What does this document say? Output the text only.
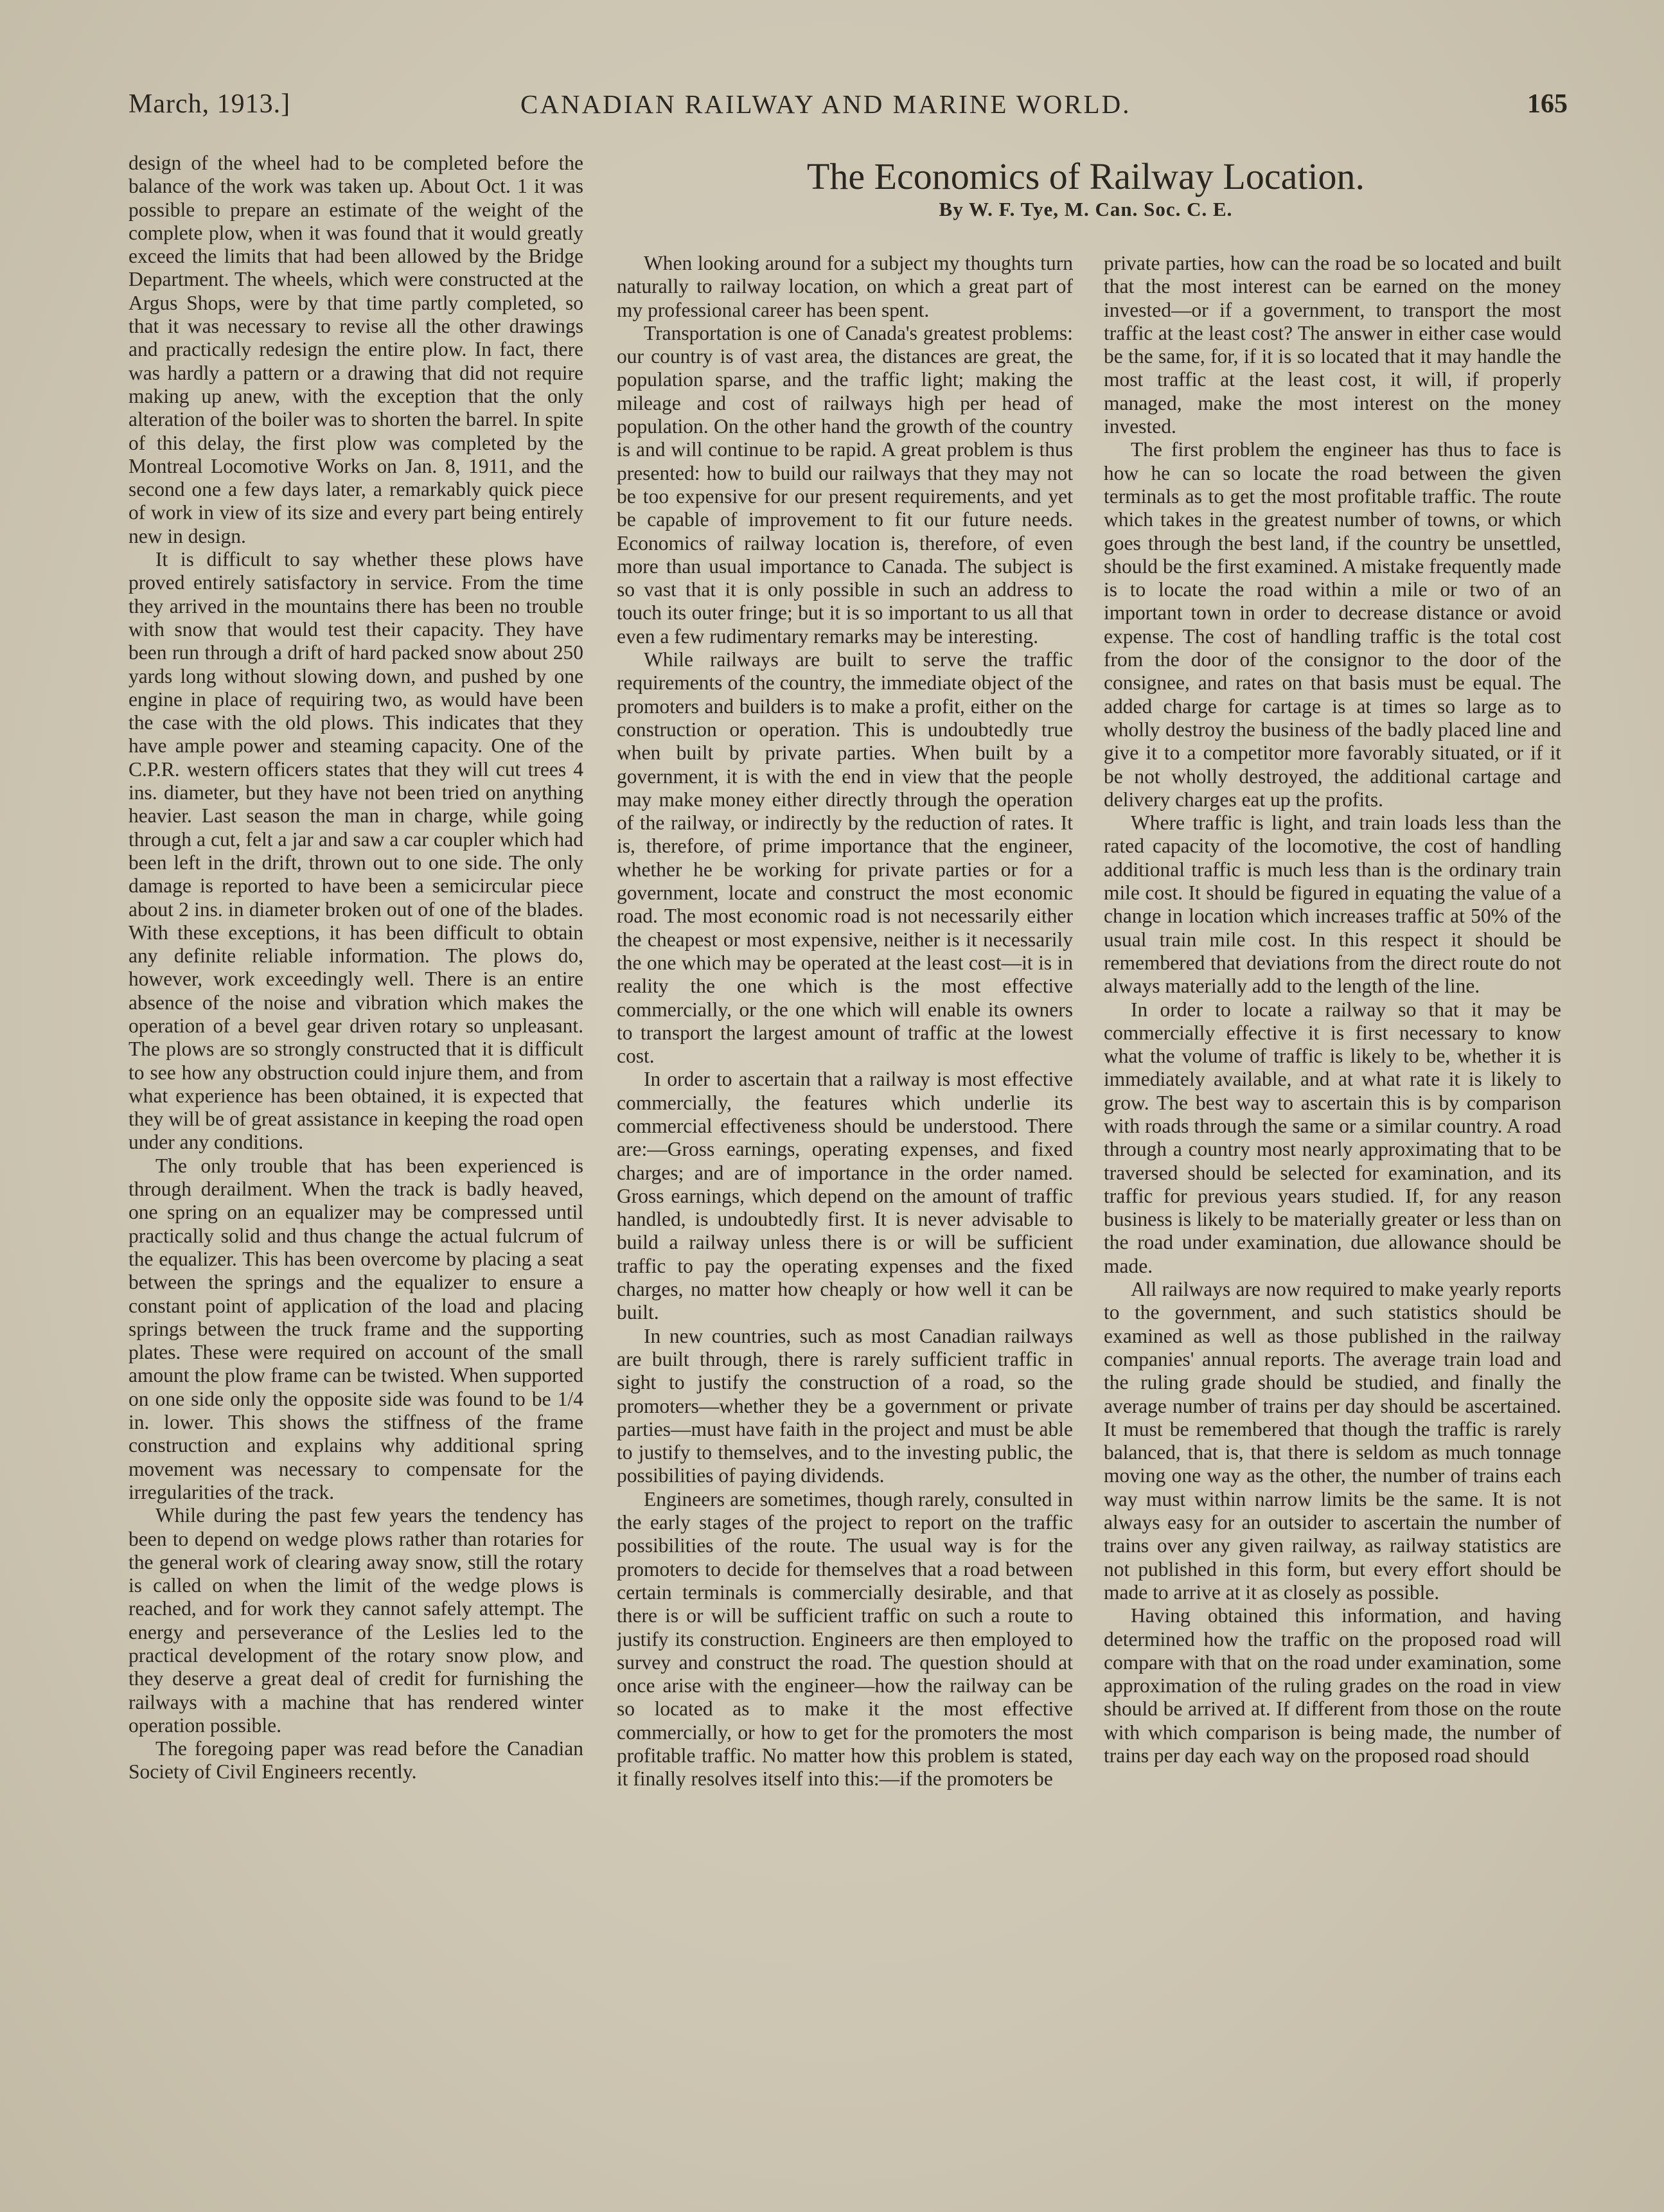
March, 1913.]	CANADIAN RAILWAY AND MARINE WORLD.	165
The Economics of Railway Location.
By W. F. Tye, M. Can. Soc. C. E.

design of the wheel had to be completed before the balance of the work was taken up. About Oct. 1 it was possible to prepare an estimate of the weight of the complete plow, when it was found that it would greatly exceed the limits that had been allowed by the Bridge Department. The wheels, which were constructed at the Argus Shops, were by that time partly completed, so that it was necessary to revise all the other drawings and practically redesign the entire plow. In fact, there was hardly a pattern or a drawing that did not require making up anew, with the exception that the only alteration of the boiler was to shorten the barrel. In spite of this delay, the first plow was completed by the Montreal Locomotive Works on Jan. 8, 1911, and the second one a few days later, a remarkably quick piece of work in view of its size and every part being entirely new in design.

It is difficult to say whether these plows have proved entirely satisfactory in service. From the time they arrived in the mountains there has been no trouble with snow that would test their capacity. They have been run through a drift of hard packed snow about 250 yards long without slowing down, and pushed by one engine in place of requiring two, as would have been the case with the old plows. This indicates that they have ample power and steaming capacity. One of the C.P.R. western officers states that they will cut trees 4 ins. diameter, but they have not been tried on anything heavier. Last season the man in charge, while going through a cut, felt a jar and saw a car coupler which had been left in the drift, thrown out to one side. The only damage is reported to have been a semicircular piece about 2 ins. in diameter broken out of one of the blades. With these exceptions, it has been difficult to obtain any definite reliable information. The plows do, however, work exceedingly well. There is an entire absence of the noise and vibration which makes the operation of a bevel gear driven rotary so unpleasant. The plows are so strongly constructed that it is difficult to see how any obstruction could injure them, and from what experience has been obtained, it is expected that they will be of great assistance in keeping the road open under any conditions.

The only trouble that has been experienced is through derailment. When the track is badly heaved, one spring on an equalizer may be compressed until practically solid and thus change the actual fulcrum of the equalizer. This has been overcome by placing a seat between the springs and the equalizer to ensure a constant point of application of the load and placing springs between the truck frame and the supporting plates. These were required on account of the small amount the plow frame can be twisted. When supported on one side only the opposite side was found to be 1/4 in. lower. This shows the stiffness of the frame construction and explains why additional spring movement was necessary to compensate for the irregularities of the track.

While during the past few years the tendency has been to depend on wedge plows rather than rotaries for the general work of clearing away snow, still the rotary is called on when the limit of the wedge plows is reached, and for work they cannot safely attempt. The energy and perseverance of the Leslies led to the practical development of the rotary snow plow, and they deserve a great deal of credit for furnishing the railways with a machine that has rendered winter operation possible.

The foregoing paper was read before the Canadian Society of Civil Engineers recently.

When looking around for a subject my thoughts turn naturally to railway location, on which a great part of my professional career has been spent.

Transportation is one of Canada's greatest problems: our country is of vast area, the distances are great, the population sparse, and the traffic light; making the mileage and cost of railways high per head of population. On the other hand the growth of the country is and will continue to be rapid. A great problem is thus presented: how to build our railways that they may not be too expensive for our present requirements, and yet be capable of improvement to fit our future needs. Economics of railway location is, therefore, of even more than usual importance to Canada. The subject is so vast that it is only possible in such an address to touch its outer fringe; but it is so important to us all that even a few rudimentary remarks may be interesting.

While railways are built to serve the traffic requirements of the country, the immediate object of the promoters and builders is to make a profit, either on the construction or operation. This is undoubtedly true when built by private parties. When built by a government, it is with the end in view that the people may make money either directly through the operation of the railway, or indirectly by the reduction of rates. It is, therefore, of prime importance that the engineer, whether he be working for private parties or for a government, locate and construct the most economic road. The most economic road is not necessarily either the cheapest or most expensive, neither is it necessarily the one which may be operated at the least cost—it is in reality the one which is the most effective commercially, or the one which will enable its owners to transport the largest amount of traffic at the lowest cost.

In order to ascertain that a railway is most effective commercially, the features which underlie its commercial effectiveness should be understood. There are:—Gross earnings, operating expenses, and fixed charges; and are of importance in the order named. Gross earnings, which depend on the amount of traffic handled, is undoubtedly first. It is never advisable to build a railway unless there is or will be sufficient traffic to pay the operating expenses and the fixed charges, no matter how cheaply or how well it can be built.

In new countries, such as most Canadian railways are built through, there is rarely sufficient traffic in sight to justify the construction of a road, so the promoters—whether they be a government or private parties—must have faith in the project and must be able to justify to themselves, and to the investing public, the possibilities of paying dividends.

Engineers are sometimes, though rarely, consulted in the early stages of the project to report on the traffic possibilities of the route. The usual way is for the promoters to decide for themselves that a road between certain terminals is commercially desirable, and that there is or will be sufficient traffic on such a route to justify its construction. Engineers are then employed to survey and construct the road. The question should at once arise with the engineer—how the railway can be so located as to make it the most effective commercially, or how to get for the promoters the most profitable traffic. No matter how this problem is stated, it finally resolves itself into this:—if the promoters be

private parties, how can the road be so located and built that the most interest can be earned on the money invested—or if a government, to transport the most traffic at the least cost? The answer in either case would be the same, for, if it is so located that it may handle the most traffic at the least cost, it will, if properly managed, make the most interest on the money invested.

The first problem the engineer has thus to face is how he can so locate the road between the given terminals as to get the most profitable traffic. The route which takes in the greatest number of towns, or which goes through the best land, if the country be unsettled, should be the first examined. A mistake frequently made is to locate the road within a mile or two of an important town in order to decrease distance or avoid expense. The cost of handling traffic is the total cost from the door of the consignor to the door of the consignee, and rates on that basis must be equal. The added charge for cartage is at times so large as to wholly destroy the business of the badly placed line and give it to a competitor more favorably situated, or if it be not wholly destroyed, the additional cartage and delivery charges eat up the profits.

Where traffic is light, and train loads less than the rated capacity of the locomotive, the cost of handling additional traffic is much less than is the ordinary train mile cost. It should be figured in equating the value of a change in location which increases traffic at 50% of the usual train mile cost. In this respect it should be remembered that deviations from the direct route do not always materially add to the length of the line.

In order to locate a railway so that it may be commercially effective it is first necessary to know what the volume of traffic is likely to be, whether it is immediately available, and at what rate it is likely to grow. The best way to ascertain this is by comparison with roads through the same or a similar country. A road through a country most nearly approximating that to be traversed should be selected for examination, and its traffic for previous years studied. If, for any reason business is likely to be materially greater or less than on the road under examination, due allowance should be made.

All railways are now required to make yearly reports to the government, and such statistics should be examined as well as those published in the railway companies' annual reports. The average train load and the ruling grade should be studied, and finally the average number of trains per day should be ascertained. It must be remembered that though the traffic is rarely balanced, that is, that there is seldom as much tonnage moving one way as the other, the number of trains each way must within narrow limits be the same. It is not always easy for an outsider to ascertain the number of trains over any given railway, as railway statistics are not published in this form, but every effort should be made to arrive at it as closely as possible.

Having obtained this information, and having determined how the traffic on the proposed road will compare with that on the road under examination, some approximation of the ruling grades on the road in view should be arrived at. If different from those on the route with which comparison is being made, the number of trains per day each way on the proposed road should
